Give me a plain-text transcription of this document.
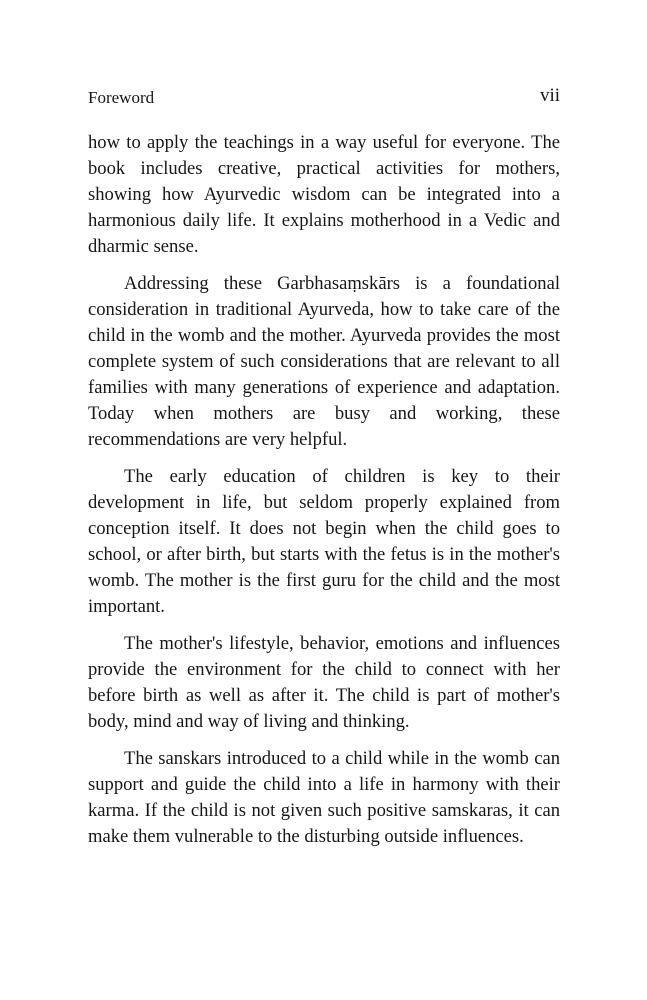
Foreword	vii

how to apply the teachings in a way useful for everyone. The book includes creative, practical activities for mothers, showing how Ayurvedic wisdom can be integrated into a harmonious daily life. It explains motherhood in a Vedic and dharmic sense.

Addressing these Garbhasaṃskārs is a foundational consideration in traditional Ayurveda, how to take care of the child in the womb and the mother. Ayurveda provides the most complete system of such considerations that are relevant to all families with many generations of experience and adaptation. Today when mothers are busy and working, these recommendations are very helpful.

The early education of children is key to their development in life, but seldom properly explained from conception itself. It does not begin when the child goes to school, or after birth, but starts with the fetus is in the mother's womb. The mother is the first guru for the child and the most important.

The mother's lifestyle, behavior, emotions and influences provide the environment for the child to connect with her before birth as well as after it. The child is part of mother's body, mind and way of living and thinking.

The sanskars introduced to a child while in the womb can support and guide the child into a life in harmony with their karma. If the child is not given such positive samskaras, it can make them vulnerable to the disturbing outside influences.
